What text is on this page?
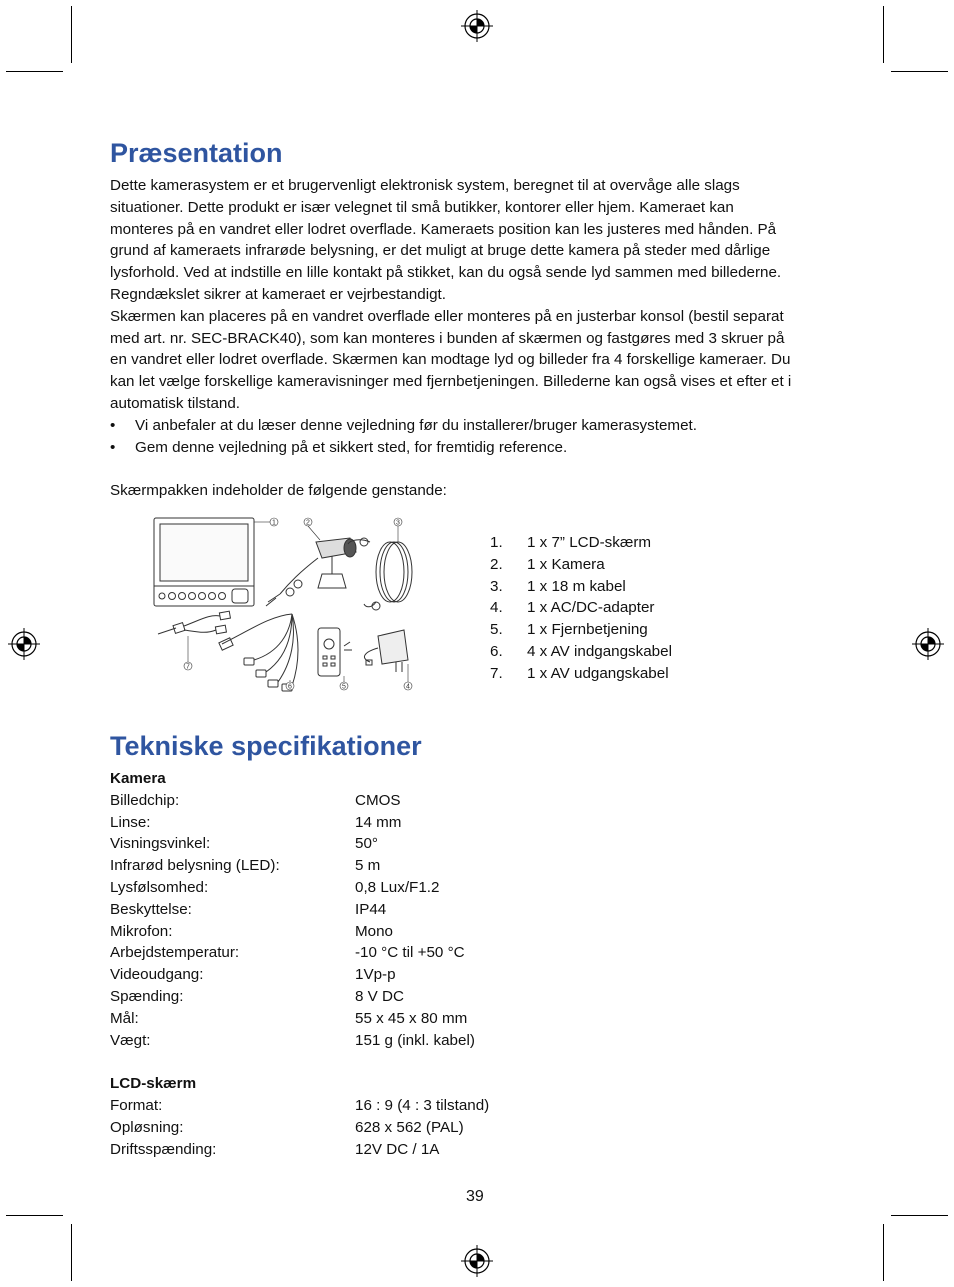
Præsentation

Dette kamerasystem er et brugervenligt elektronisk system, beregnet til at overvåge alle slags

situationer. Dette produkt er især velegnet til små butikker, kontorer eller hjem. Kameraet kan

monteres på en vandret eller lodret overflade. Kameraets position kan les justeres med hånden. På

grund af kameraets infrarøde belysning, er det muligt at bruge dette kamera på steder med dårlige

lysforhold. Ved at indstille en lille kontakt på stikket, kan du også sende lyd sammen med billederne.

Regndækslet sikrer at kameraet er vejrbestandigt.

Skærmen kan placeres på en vandret overflade eller monteres på en justerbar konsol (bestil separat

med art. nr. SEC-BRACK40), som kan monteres i bunden af skærmen og fastgøres med 3 skruer på

en vandret eller lodret overflade. Skærmen kan modtage lyd og billeder fra 4 forskellige kameraer. Du

kan let vælge forskellige kameravisninger med fjernbetjeningen. Billederne kan også vises et efter et i

automatisk tilstand.

• Vi anbefaler at du læser denne vejledning før du installerer/bruger kamerasystemet.
• Gem denne vejledning på et sikkert sted, for fremtidig reference.
Skærmpakken indeholder de følgende genstande:
1	2	3
4
5
6
7
1. 1 x 7” LCD-skærm
2. 1 x Kamera
3. 1 x 18 m kabel
4. 1 x AC/DC-adapter
5. 1 x Fjernbetjening
6. 4 x AV indgangskabel
7. 1 x AV udgangskabel
Tekniske specifikationer
Kamera
Billedchip:	CMOS
Linse:	14 mm
Visningsvinkel:	50°
Infrarød belysning (LED):	5 m
Lysfølsomhed:	0,8 Lux/F1.2
Beskyttelse:	IP44
Mikrofon:	Mono
Arbejdstemperatur:	-10 °C til +50 °C
Videoudgang:	1Vp-p
Spænding:	8 V DC
Mål:	55 x 45 x 80 mm
Vægt:	151 g (inkl. kabel)
LCD-skærm
Format:	16 : 9 (4 : 3 tilstand)
Opløsning:	628 x 562 (PAL)
Driftsspænding:	12V DC / 1A
39
